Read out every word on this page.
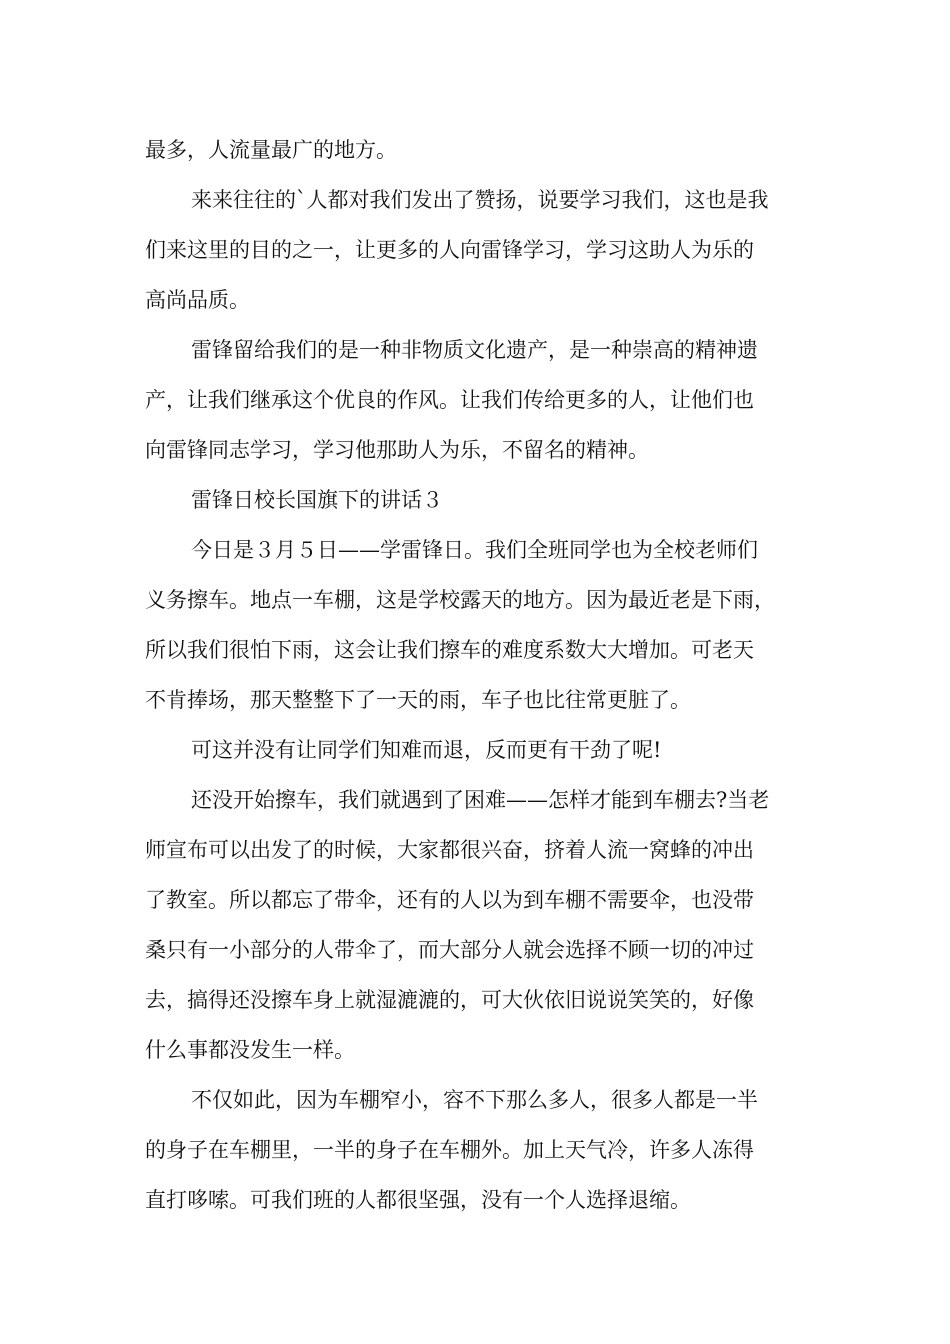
最多，人流量最广的地方。

来来往往的`人都对我们发出了赞扬，说要学习我们，这也是我

们来这里的目的之一，让更多的人向雷锋学习，学习这助人为乐的

高尚品质。

雷锋留给我们的是一种非物质文化遗产，是一种崇高的精神遗

产，让我们继承这个优良的作风。让我们传给更多的人，让他们也

向雷锋同志学习，学习他那助人为乐，不留名的精神。

雷锋日校长国旗下的讲话３

今日是３月５日——学雷锋日。我们全班同学也为全校老师们

义务擦车。地点一车棚，这是学校露天的地方。因为最近老是下雨，

所以我们很怕下雨，这会让我们擦车的难度系数大大增加。可老天

不肯捧场，那天整整下了一天的雨，车子也比往常更脏了。

可这并没有让同学们知难而退，反而更有干劲了呢!

还没开始擦车，我们就遇到了困难——怎样才能到车棚去?当老

师宣布可以出发了的时候，大家都很兴奋，挤着人流一窝蜂的冲出

了教室。所以都忘了带伞，还有的人以为到车棚不需要伞，也没带

桑只有一小部分的人带伞了，而大部分人就会选择不顾一切的冲过

去，搞得还没擦车身上就湿漉漉的，可大伙依旧说说笑笑的，好像

什么事都没发生一样。

不仅如此，因为车棚窄小，容不下那么多人，很多人都是一半

的身子在车棚里，一半的身子在车棚外。加上天气冷，许多人冻得

直打哆嗦。可我们班的人都很坚强，没有一个人选择退缩。
